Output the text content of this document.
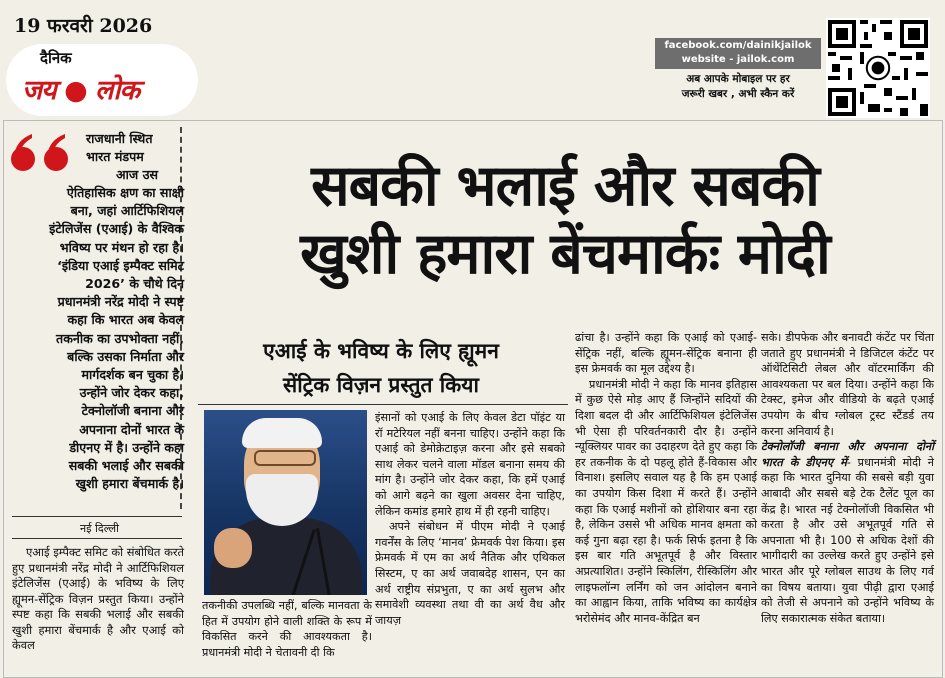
19 फरवरी 2026
दैनिक
जय ● लोक
facebook.com/dainikjailok
website - jailok.com
अब आपके मोबाइल पर हर
जरूरी खबर , अभी स्कैन करें

राजधानी स्थित

भारत मंडपम

आज उस

ऐतिहासिक क्षण का साक्षी

बना, जहां आर्टिफिशियल

इंटेलिजेंस (एआई) के वैश्विक

भविष्य पर मंथन हो रहा है।

‘इंडिया एआई इम्पैक्ट समिट

2026’ के चौथे दिन

प्रधानमंत्री नरेंद्र मोदी ने स्पष्ट

कहा कि भारत अब केवल

तकनीक का उपभोक्ता नहीं,

बल्कि उसका निर्माता और

मार्गदर्शक बन चुका है।

उन्होंने जोर देकर कहा,

टेक्नोलॉजी बनाना और

अपनाना दोनों भारत के

डीएनए में है। उन्होंने कहा

सबकी भलाई और सबकी

खुशी हमारा बेंचमार्क है।

नई दिल्ली

एआई इम्पैक्ट समिट को संबोधित करते हुए प्रधानमंत्री नरेंद्र मोदी ने आर्टिफिशियल इंटेलिजेंस (एआई) के भविष्य के लिए ह्यूमन-सेंट्रिक विज़न प्रस्तुत किया। उन्होंने स्पष्ट कहा कि सबकी भलाई और सबकी खुशी हमारा बेंचमार्क है और एआई को केवल

सबकी भलाई और सबकी
खुशी हमारा बेंचमार्कः मोदी
एआई के भविष्य के लिए ह्यूमन
सेंट्रिक विज़न प्रस्तुत किया

तकनीकी उपलब्धि नहीं, बल्कि मानवता के हित में उपयोग होने वाली शक्ति के रूप में विकसित करने की आवश्यकता है। प्रधानमंत्री मोदी ने चेतावनी दी कि

इंसानों को एआई के लिए केवल डेटा पॉइंट या रॉ मटेरियल नहीं बनना चाहिए। उन्होंने कहा कि एआई को डेमोक्रेटाइज़ करना और इसे सबको साथ लेकर चलने वाला मॉडल बनाना समय की मांग है। उन्होंने जोर देकर कहा, कि हमें एआई को आगे बढ़ने का खुला अवसर देना चाहिए, लेकिन कमांड हमारे हाथ में ही रहनी चाहिए।

अपने संबोधन में पीएम मोदी ने एआई गवर्नेंस के लिए ‘मानव’ फ्रेमवर्क पेश किया। इस फ्रेमवर्क में एम का अर्थ नैतिक और एथिकल सिस्टम, ए का अर्थ जवाबदेह शासन, एन का अर्थ राष्ट्रीय संप्रभुता, ए का अर्थ सुलभ और समावेशी व्यवस्था तथा वी का अर्थ वैध और जायज़

ढांचा है। उन्होंने कहा कि एआई को एआई-सेंट्रिक नहीं, बल्कि ह्यूमन-सेंट्रिक बनाना ही इस फ्रेमवर्क का मूल उद्देश्य है।

प्रधानमंत्री मोदी ने कहा कि मानव इतिहास में कुछ ऐसे मोड़ आए हैं जिन्होंने सदियों की दिशा बदल दी और आर्टिफिशियल इंटेलिजेंस भी ऐसा ही परिवर्तनकारी दौर है। उन्होंने न्यूक्लियर पावर का उदाहरण देते हुए कहा कि हर तकनीक के दो पहलू होते हैं-विकास और विनाश। इसलिए सवाल यह है कि हम एआई का उपयोग किस दिशा में करते हैं। उन्होंने कहा कि एआई मशीनों को होशियार बना रहा है, लेकिन उससे भी अधिक मानव क्षमता को कई गुना बढ़ा रहा है। फर्क सिर्फ इतना है कि इस बार गति अभूतपूर्व है और विस्तार अप्रत्याशित। उन्होंने स्किलिंग, रीस्किलिंग और लाइफलॉन्ग लर्निंग को जन आंदोलन बनाने का आह्वान किया, ताकि भविष्य का कार्यक्षेत्र भरोसेमंद और मानव-केंद्रित बन

सके। डीपफेक और बनावटी कंटेंट पर चिंता जताते हुए प्रधानमंत्री ने डिजिटल कंटेंट पर ऑथेंटिसिटी लेबल और वॉटरमार्किंग की आवश्यकता पर बल दिया। उन्होंने कहा कि टेक्स्ट, इमेज और वीडियो के बढ़ते एआई उपयोग के बीच ग्लोबल ट्रस्ट स्टैंडर्ड तय करना अनिवार्य है।

टेक्नोलॉजी बनाना और अपनाना दोनों भारत के डीएनए में- प्रधानमंत्री मोदी ने कहा कि भारत दुनिया की सबसे बड़ी युवा आबादी और सबसे बड़े टेक टैलेंट पूल का केंद्र है। भारत नई टेक्नोलॉजी विकसित भी करता है और उसे अभूतपूर्व गति से अपनाता भी है। 100 से अधिक देशों की भागीदारी का उल्लेख करते हुए उन्होंने इसे भारत और पूरे ग्लोबल साउथ के लिए गर्व का विषय बताया। युवा पीढ़ी द्वारा एआई को तेजी से अपनाने को उन्होंने भविष्य के लिए सकारात्मक संकेत बताया।
